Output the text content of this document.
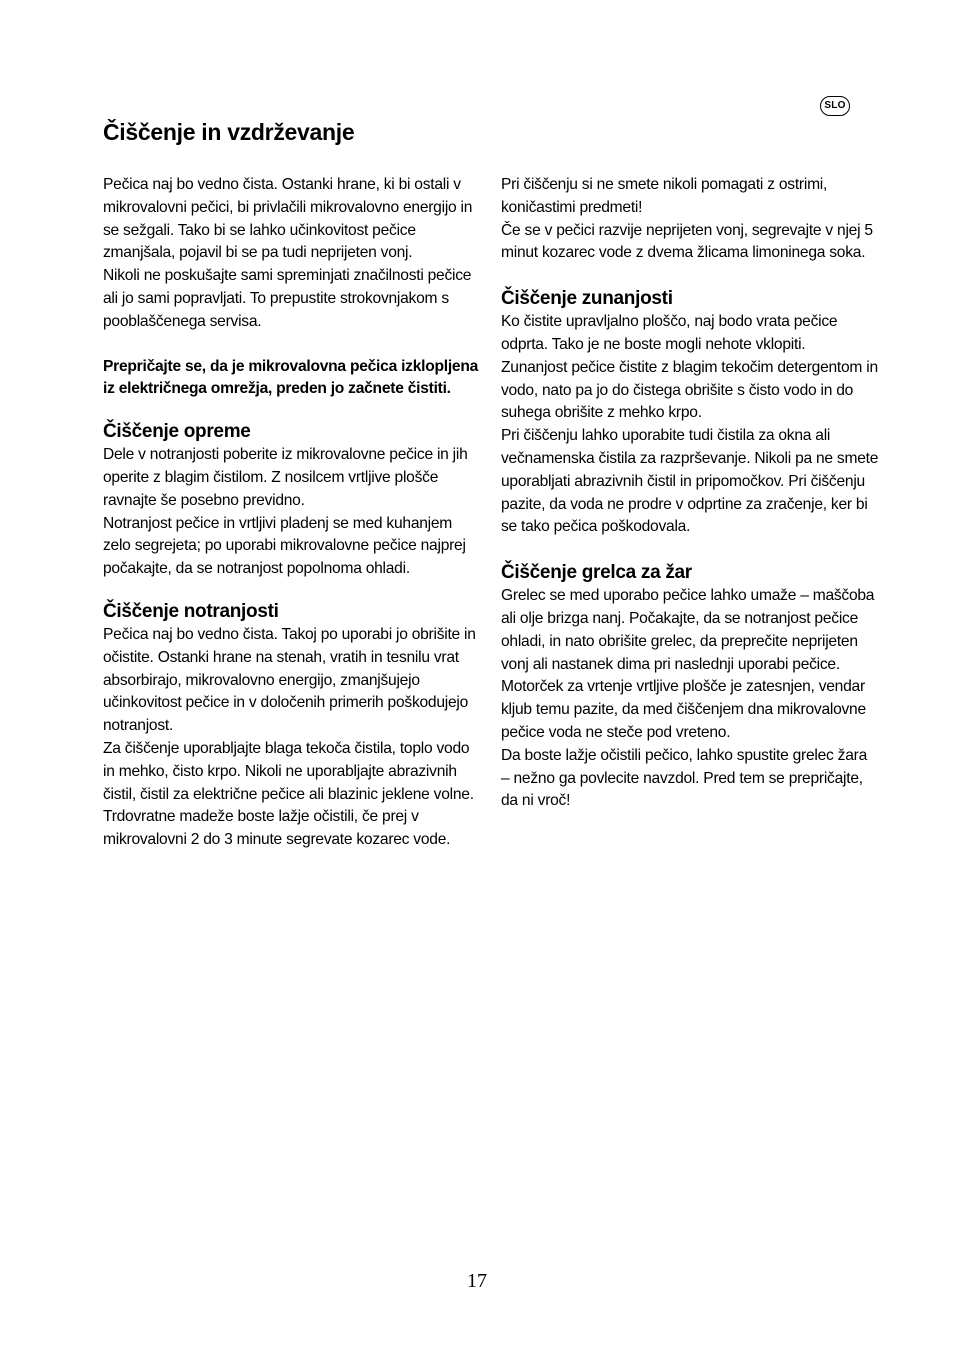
SLO
Čiščenje in vzdrževanje

Pečica naj bo vedno čista. Ostanki hrane, ki bi ostali v mikrovalovni pečici, bi privlačili mikrovalovno energijo in se sežgali. Tako bi se lahko učinkovitost pečice zmanjšala, pojavil bi se pa tudi neprijeten vonj.

Nikoli ne poskušajte sami spreminjati značilnosti pečice ali jo sami popravljati. To prepustite strokovnjakom s pooblaščenega servisa.

Prepričajte se, da je mikrovalovna pečica izklopljena iz električnega omrežja, preden jo začnete čistiti.

Čiščenje opreme

Dele v notranjosti poberite iz mikrovalovne pečice in jih operite z blagim čistilom. Z nosilcem vrtljive plošče ravnajte še posebno previdno.

Notranjost pečice in vrtljivi pladenj se med kuhanjem zelo segrejeta; po uporabi mikrovalovne pečice najprej počakajte, da se notranjost popolnoma ohladi.

Čiščenje notranjosti

Pečica naj bo vedno čista. Takoj po uporabi jo obrišite in očistite. Ostanki hrane na stenah, vratih in tesnilu vrat absorbirajo, mikrovalovno energijo, zmanjšujejo učinkovitost pečice in v določenih primerih poškodujejo notranjost.

Za čiščenje uporabljajte blaga tekoča čistila, toplo vodo in mehko, čisto krpo. Nikoli ne uporabljajte abrazivnih čistil, čistil za električne pečice ali blazinic jeklene volne.

Trdovratne madeže boste lažje očistili, če prej v mikrovalovni 2 do 3 minute segrevate kozarec vode.

Pri čiščenju si ne smete nikoli pomagati z ostrimi, koničastimi predmeti!

Če se v pečici razvije neprijeten vonj, segrevajte v njej 5 minut kozarec vode z dvema žlicama limoninega soka.

Čiščenje zunanjosti

Ko čistite upravljalno ploščo, naj bodo vrata pečice odprta. Tako je ne boste mogli nehote vklopiti.

Zunanjost pečice čistite z blagim tekočim detergentom in vodo, nato pa jo do čistega obrišite s čisto vodo in do suhega obrišite z mehko krpo.

Pri čiščenju lahko uporabite tudi čistila za okna ali večnamenska čistila za razprševanje. Nikoli pa ne smete uporabljati abrazivnih čistil in pripomočkov. Pri čiščenju pazite, da voda ne prodre v odprtine za zračenje, ker bi se tako pečica poškodovala.

Čiščenje grelca za žar

Grelec se med uporabo pečice lahko umaže – maščoba ali olje brizga nanj. Počakajte, da se notranjost pečice ohladi, in nato obrišite grelec, da preprečite neprijeten vonj ali nastanek dima pri naslednji uporabi pečice.

Motorček za vrtenje vrtljive plošče je zatesnjen, vendar kljub temu pazite, da med čiščenjem dna mikrovalovne pečice voda ne steče pod vreteno.

Da boste lažje očistili pečico, lahko spustite grelec žara – nežno ga povlecite navzdol. Pred tem se prepričajte, da ni vroč!

17
